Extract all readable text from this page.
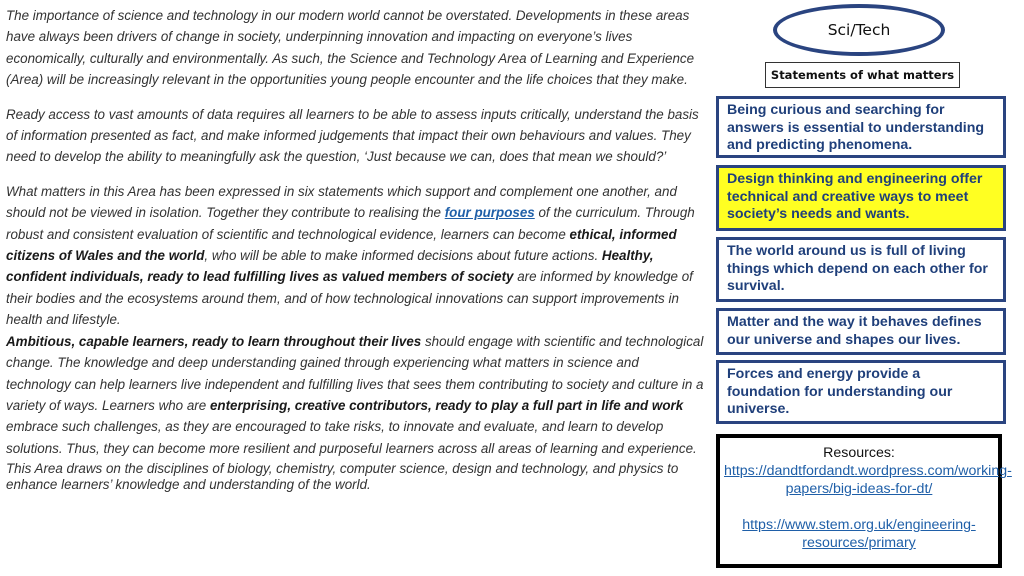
The importance of science and technology in our modern world cannot be overstated. Developments in these areas have always been drivers of change in society, underpinning innovation and impacting on everyone’s lives economically, culturally and environmentally. As such, the Science and Technology Area of Learning and Experience (Area) will be increasingly relevant in the opportunities young people encounter and the life choices that they make.

Ready access to vast amounts of data requires all learners to be able to assess inputs critically, understand the basis of information presented as fact, and make informed judgements that impact their own behaviours and values. They need to develop the ability to meaningfully ask the question, ‘Just because we can, does that mean we should?’

What matters in this Area has been expressed in six statements which support and complement one another, and should not be viewed in isolation. Together they contribute to realising the four purposes of the curriculum. Through robust and consistent evaluation of scientific and technological evidence, learners can become ethical, informed citizens of Wales and the world, who will be able to make informed decisions about future actions. Healthy, confident individuals, ready to lead fulfilling lives as valued members of society are informed by knowledge of their bodies and the ecosystems around them, and of how technological innovations can support improvements in health and lifestyle.

Ambitious, capable learners, ready to learn throughout their lives should engage with scientific and technological change. The knowledge and deep understanding gained through experiencing what matters in science and technology can help learners live independent and fulfilling lives that sees them contributing to society and culture in a variety of ways. Learners who are enterprising, creative contributors, ready to play a full part in life and work embrace such challenges, as they are encouraged to take risks, to innovate and evaluate, and learn to develop solutions. Thus, they can become more resilient and purposeful learners across all areas of learning and experience.

This Area draws on the disciplines of biology, chemistry, computer science, design and technology, and physics to enhance learners’ knowledge and understanding of the world.

Sci/Tech
Statements of what matters
Being curious and searching for answers is essential to understanding and predicting phenomena.
Design thinking and engineering offer technical and creative ways to meet society’s needs and wants.
The world around us is full of living things which depend on each other for survival.
Matter and the way it behaves defines our universe and shapes our lives.
Forces and energy provide a foundation for understanding our universe.
Resources:
https://dandtfordandt.wordpress.com/working-papers/big-ideas-for-dt/
https://www.stem.org.uk/engineering-resources/primary
